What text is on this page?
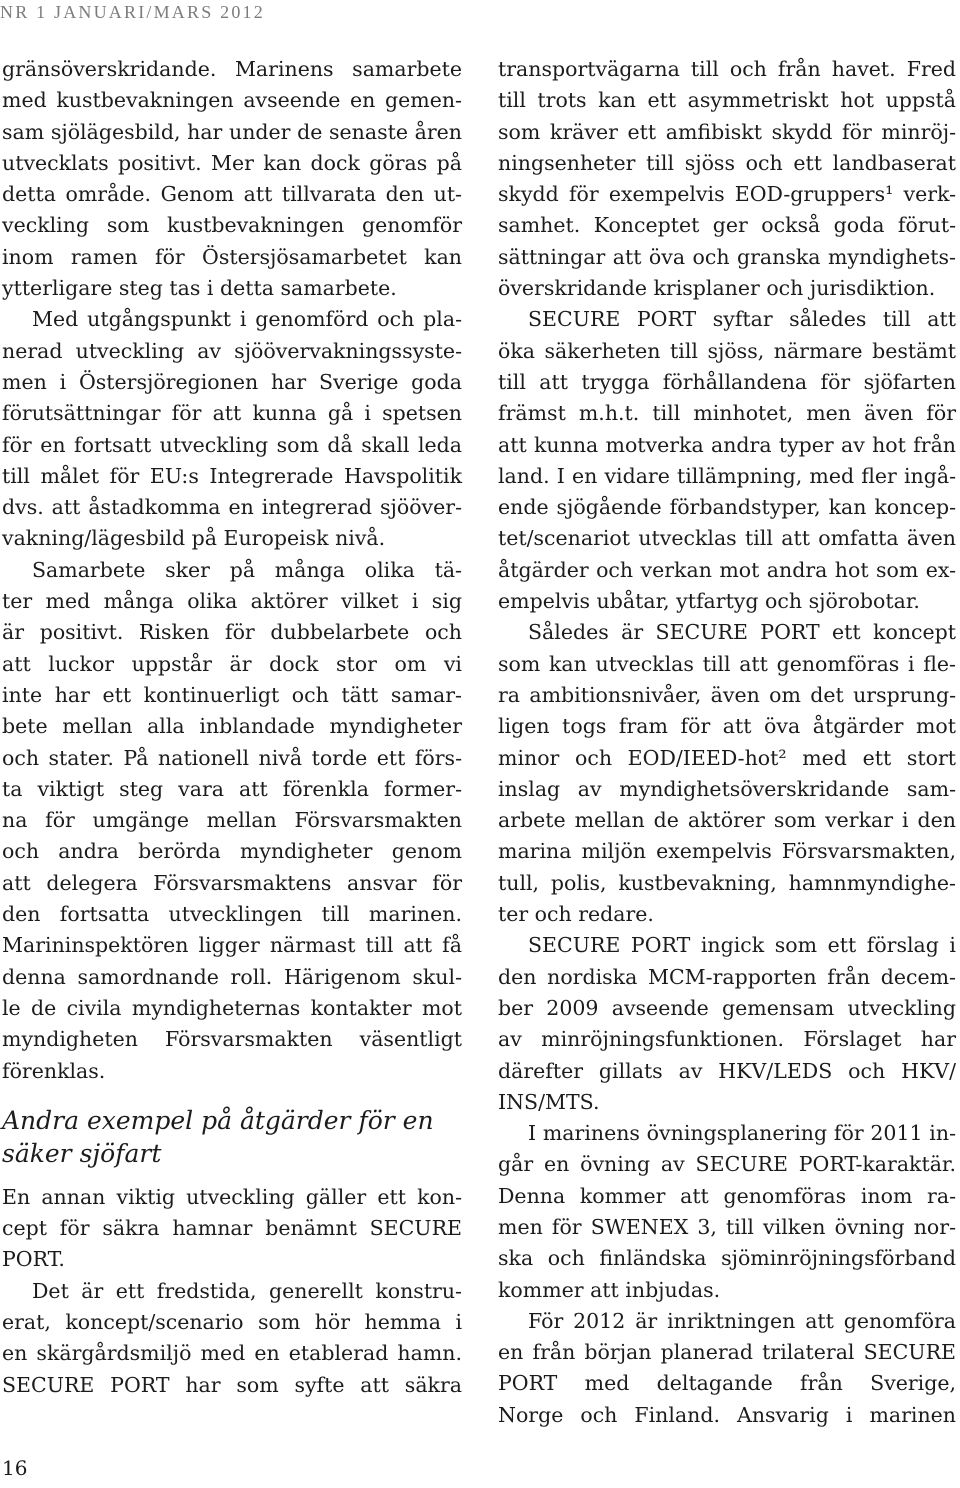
NR 1 JANUARI/MARS 2012
gränsöverskridande. Marinens samarbete
med kustbevakningen avseende en gemen-
sam sjölägesbild, har under de senaste åren
utvecklats positivt. Mer kan dock göras på
detta område. Genom att tillvarata den ut-
veckling som kustbevakningen genomför
inom ramen för Östersjösamarbetet kan
ytterligare steg tas i detta samarbete.
Med utgångspunkt i genomförd och pla-
nerad utveckling av sjöövervakningssyste-
men i Östersjöregionen har Sverige goda
förutsättningar för att kunna gå i spetsen
för en fortsatt utveckling som då skall leda
till målet för EU:s Integrerade Havspolitik
dvs. att åstadkomma en integrerad sjööver-
vakning/lägesbild på Europeisk nivå.
Samarbete sker på många olika tä-
ter med många olika aktörer vilket i sig
är positivt. Risken för dubbelarbete och
att luckor uppstår är dock stor om vi
inte har ett kontinuerligt och tätt samar-
bete mellan alla inblandade myndigheter
och stater. På nationell nivå torde ett förs-
ta viktigt steg vara att förenkla former-
na för umgänge mellan Försvarsmakten
och andra berörda myndigheter genom
att delegera Försvarsmaktens ansvar för
den fortsatta utvecklingen till marinen.
Marininspektören ligger närmast till att få
denna samordnande roll. Härigenom skul-
le de civila myndigheternas kontakter mot
myndigheten Försvarsmakten väsentligt
förenklas.
Andra exempel på åtgärder för en
säker sjöfart
En annan viktig utveckling gäller ett kon-
cept för säkra hamnar benämnt SECURE
PORT.
Det är ett fredstida, generellt konstru-
erat, koncept/scenario som hör hemma i
en skärgårdsmiljö med en etablerad hamn.
SECURE PORT har som syfte att säkra
transportvägarna till och från havet. Fred
till trots kan ett asymmetriskt hot uppstå
som kräver ett amfibiskt skydd för minröj-
ningsenheter till sjöss och ett landbaserat
skydd för exempelvis EOD-gruppers¹ verk-
samhet. Konceptet ger också goda förut-
sättningar att öva och granska myndighets-
överskridande krisplaner och jurisdiktion.
SECURE PORT syftar således till att
öka säkerheten till sjöss, närmare bestämt
till att trygga förhållandena för sjöfarten
främst m.h.t. till minhotet, men även för
att kunna motverka andra typer av hot från
land. I en vidare tillämpning, med fler ingå-
ende sjögående förbandstyper, kan koncep-
tet/scenariot utvecklas till att omfatta även
åtgärder och verkan mot andra hot som ex-
empelvis ubåtar, ytfartyg och sjörobotar.
Således är SECURE PORT ett koncept
som kan utvecklas till att genomföras i fle-
ra ambitionsnivåer, även om det ursprung-
ligen togs fram för att öva åtgärder mot
minor och EOD/IEED-hot² med ett stort
inslag av myndighetsöverskridande sam-
arbete mellan de aktörer som verkar i den
marina miljön exempelvis Försvarsmakten,
tull, polis, kustbevakning, hamnmyndighe-
ter och redare.
SECURE PORT ingick som ett förslag i
den nordiska MCM-rapporten från decem-
ber 2009 avseende gemensam utveckling
av minröjningsfunktionen. Förslaget har
därefter gillats av HKV/LEDS och HKV/
INS/MTS.
I marinens övningsplanering för 2011 in-
går en övning av SECURE PORT-karaktär.
Denna kommer att genomföras inom ra-
men för SWENEX 3, till vilken övning nor-
ska och finländska sjöminröjningsförband
kommer att inbjudas.
För 2012 är inriktningen att genomföra
en från början planerad trilateral SECURE
PORT med deltagande från Sverige,
Norge och Finland. Ansvarig i marinen
16
